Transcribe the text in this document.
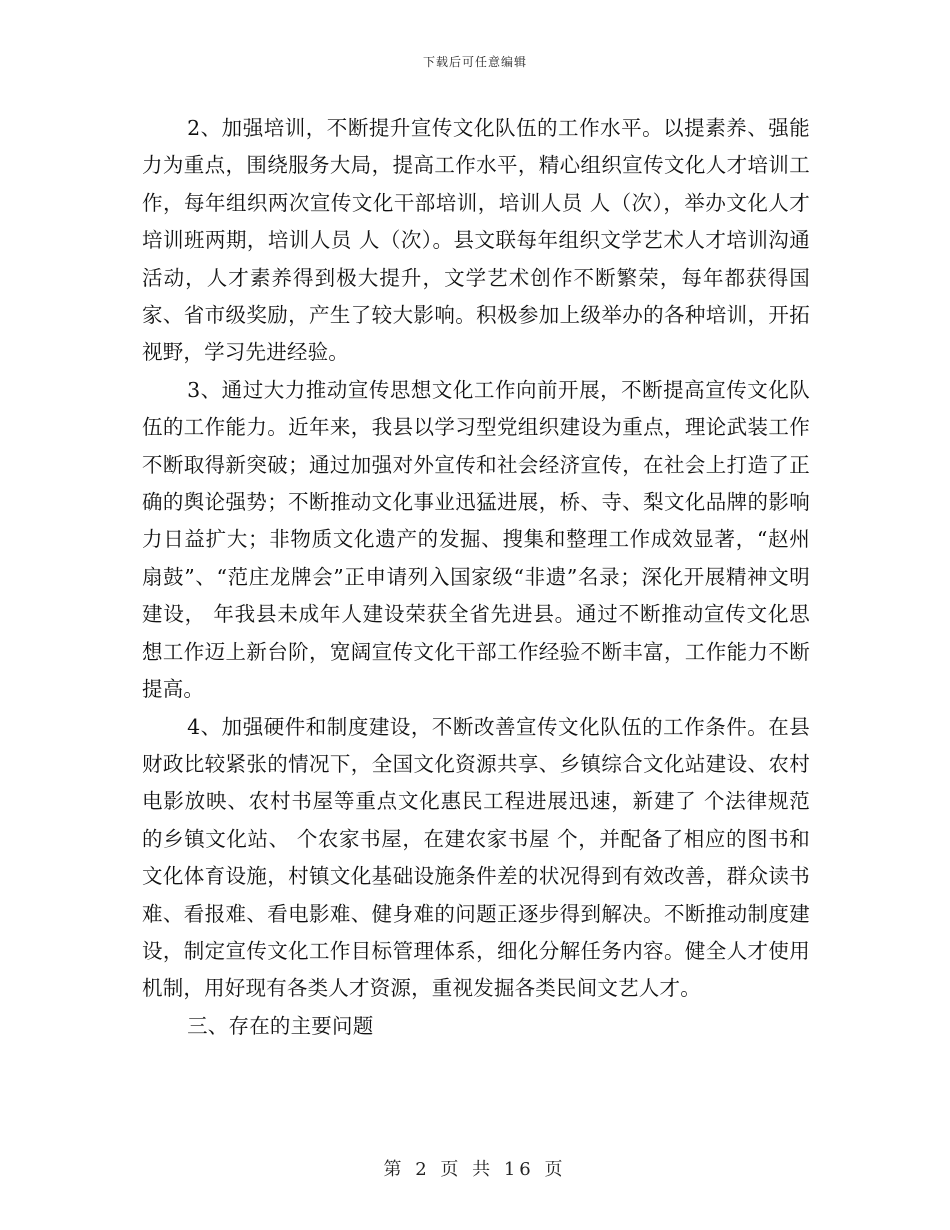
下载后可任意编辑

2、加强培训，不断提升宣传文化队伍的工作水平。以提素养、强能力为重点，围绕服务大局，提高工作水平，精心组织宣传文化人才培训工作，每年组织两次宣传文化干部培训，培训人员 人（次），举办文化人才培训班两期，培训人员 人（次）。县文联每年组织文学艺术人才培训沟通活动，人才素养得到极大提升，文学艺术创作不断繁荣，每年都获得国家、省市级奖励，产生了较大影响。积极参加上级举办的各种培训，开拓视野，学习先进经验。

3、通过大力推动宣传思想文化工作向前开展，不断提高宣传文化队伍的工作能力。近年来，我县以学习型党组织建设为重点，理论武装工作不断取得新突破；通过加强对外宣传和社会经济宣传，在社会上打造了正确的舆论强势；不断推动文化事业迅猛进展，桥、寺、梨文化品牌的影响力日益扩大；非物质文化遗产的发掘、搜集和整理工作成效显著，“赵州扇鼓”、“范庄龙牌会”正申请列入国家级“非遗”名录；深化开展精神文明建设， 年我县未成年人建设荣获全省先进县。通过不断推动宣传文化思想工作迈上新台阶，宽阔宣传文化干部工作经验不断丰富，工作能力不断提高。

4、加强硬件和制度建设，不断改善宣传文化队伍的工作条件。在县财政比较紧张的情况下，全国文化资源共享、乡镇综合文化站建设、农村电影放映、农村书屋等重点文化惠民工程进展迅速，新建了 个法律规范的乡镇文化站、 个农家书屋，在建农家书屋 个，并配备了相应的图书和文化体育设施，村镇文化基础设施条件差的状况得到有效改善，群众读书难、看报难、看电影难、健身难的问题正逐步得到解决。不断推动制度建设，制定宣传文化工作目标管理体系，细化分解任务内容。健全人才使用机制，用好现有各类人才资源，重视发掘各类民间文艺人才。

三、存在的主要问题

第 2 页 共 16 页
